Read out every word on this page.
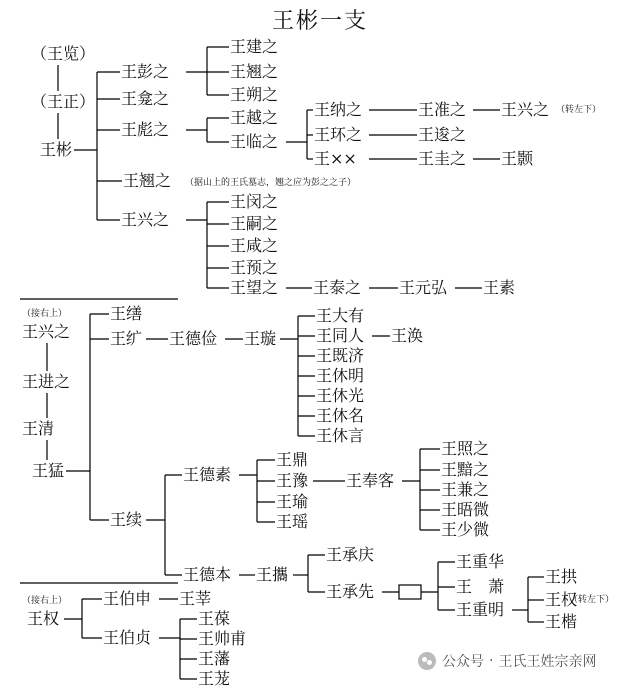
王彬一支
（王览）
（王正）
王彬
王彭之
王龛之
王彪之
王翘之
王兴之
王建之
王翘之
王朔之
王越之
王临之
王纳之	王准之 王兴之
王环之	王逡之
王××	王圭之 王颢
王闵之
王嗣之
王咸之
王预之
王望之 王泰之 王元弘 王素
王兴之
王进之
王清
王猛
王缮
王纩 王德俭 王璇
王大有
王同人 王涣
王既济
王休明
王休光
王休名
王休言
王续
王德素
王鼎
王豫
王瑜
王瑶
王奉客
王照之
王黯之
王兼之
王晤微
王少微
王德本 王攜
王承庆
王承先
王重华
王　萧
王重明
王拱
王权
王楷
王权
王伯申 王莘
王伯贞
王葆
王帅甫
王藩
王茏
（转左下）
（据山上的王氏墓志，翘之应为彭之之子）
（接右上）
（接右上）	（转左下）
公众号 · 王氏王姓宗亲网
